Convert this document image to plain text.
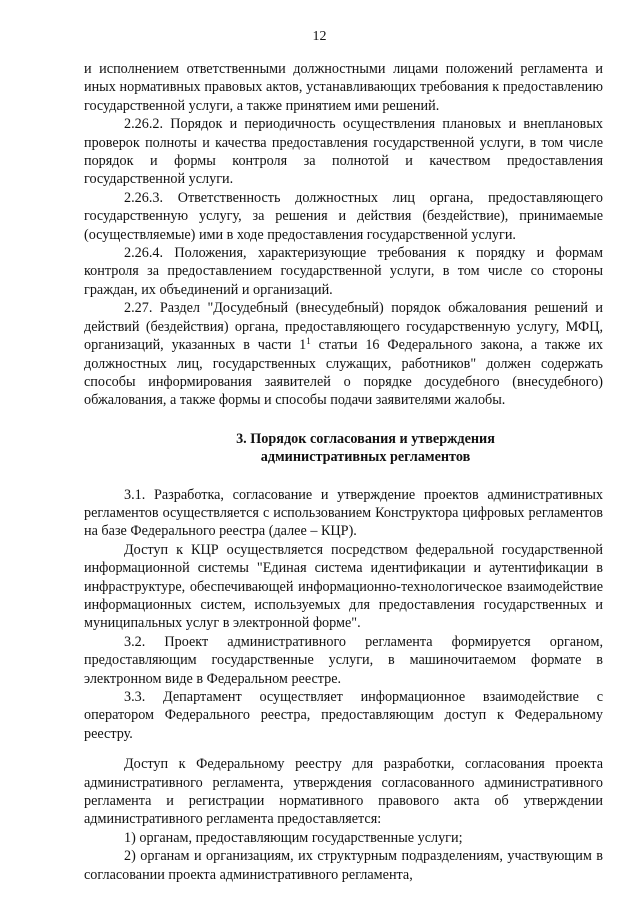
12

и исполнением ответственными должностными лицами положений регламента и иных нормативных правовых актов, устанавливающих требования к предоставлению государственной услуги, а также принятием ими решений.

2.26.2. Порядок и периодичность осуществления плановых и внеплановых проверок полноты и качества предоставления государственной услуги, в том числе порядок и формы контроля за полнотой и качеством предоставления государственной услуги.

2.26.3. Ответственность должностных лиц органа, предоставляющего государственную услугу, за решения и действия (бездействие), принимаемые (осуществляемые) ими в ходе предоставления государственной услуги.

2.26.4. Положения, характеризующие требования к порядку и формам контроля за предоставлением государственной услуги, в том числе со стороны граждан, их объединений и организаций.

2.27. Раздел "Досудебный (внесудебный) порядок обжалования решений и действий (бездействия) органа, предоставляющего государственную услугу, МФЦ, организаций, указанных в части $1^1$ статьи 16 Федерального закона, а также их должностных лиц, государственных служащих, работников" должен содержать способы информирования заявителей о порядке досудебного (внесудебного) обжалования, а также формы и способы подачи заявителями жалобы.

3. Порядок согласования и утверждения
административных регламентов

3.1. Разработка, согласование и утверждение проектов административных регламентов осуществляется с использованием Конструктора цифровых регламентов на базе Федерального реестра (далее – КЦР).

Доступ к КЦР осуществляется посредством федеральной государственной информационной системы "Единая система идентификации и аутентификации в инфраструктуре, обеспечивающей информационно-технологическое взаимодействие информационных систем, используемых для предоставления государственных и муниципальных услуг в электронной форме".

3.2. Проект административного регламента формируется органом, предоставляющим государственные услуги, в машиночитаемом формате в электронном виде в Федеральном реестре.

3.3. Департамент осуществляет информационное взаимодействие с оператором Федерального реестра, предоставляющим доступ к Федеральному реестру.

Доступ к Федеральному реестру для разработки, согласования проекта административного регламента, утверждения согласованного административного регламента и регистрации нормативного правового акта об утверждении административного регламента предоставляется:

1) органам, предоставляющим государственные услуги;

2) органам и организациям, их структурным подразделениям, участвующим в согласовании проекта административного регламента,
